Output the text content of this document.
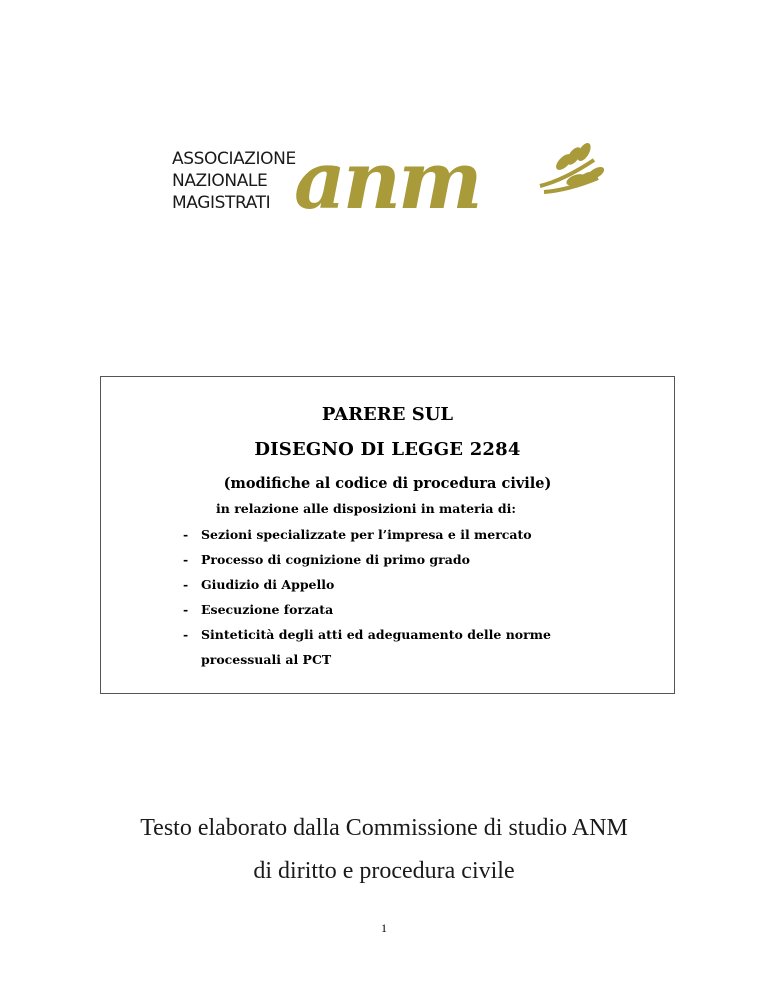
ASSOCIAZIONE
NAZIONALE
MAGISTRATI anm
PARERE SUL
DISEGNO DI LEGGE 2284
(modifiche al codice di procedura civile)
in relazione alle disposizioni in materia di:
- Sezioni specializzate per l’impresa e il mercato
- Processo di cognizione di primo grado
- Giudizio di Appello
- Esecuzione forzata
- Sinteticità degli atti ed adeguamento delle norme
processuali al PCT
Testo elaborato dalla Commissione di studio ANM
di diritto e procedura civile
1
